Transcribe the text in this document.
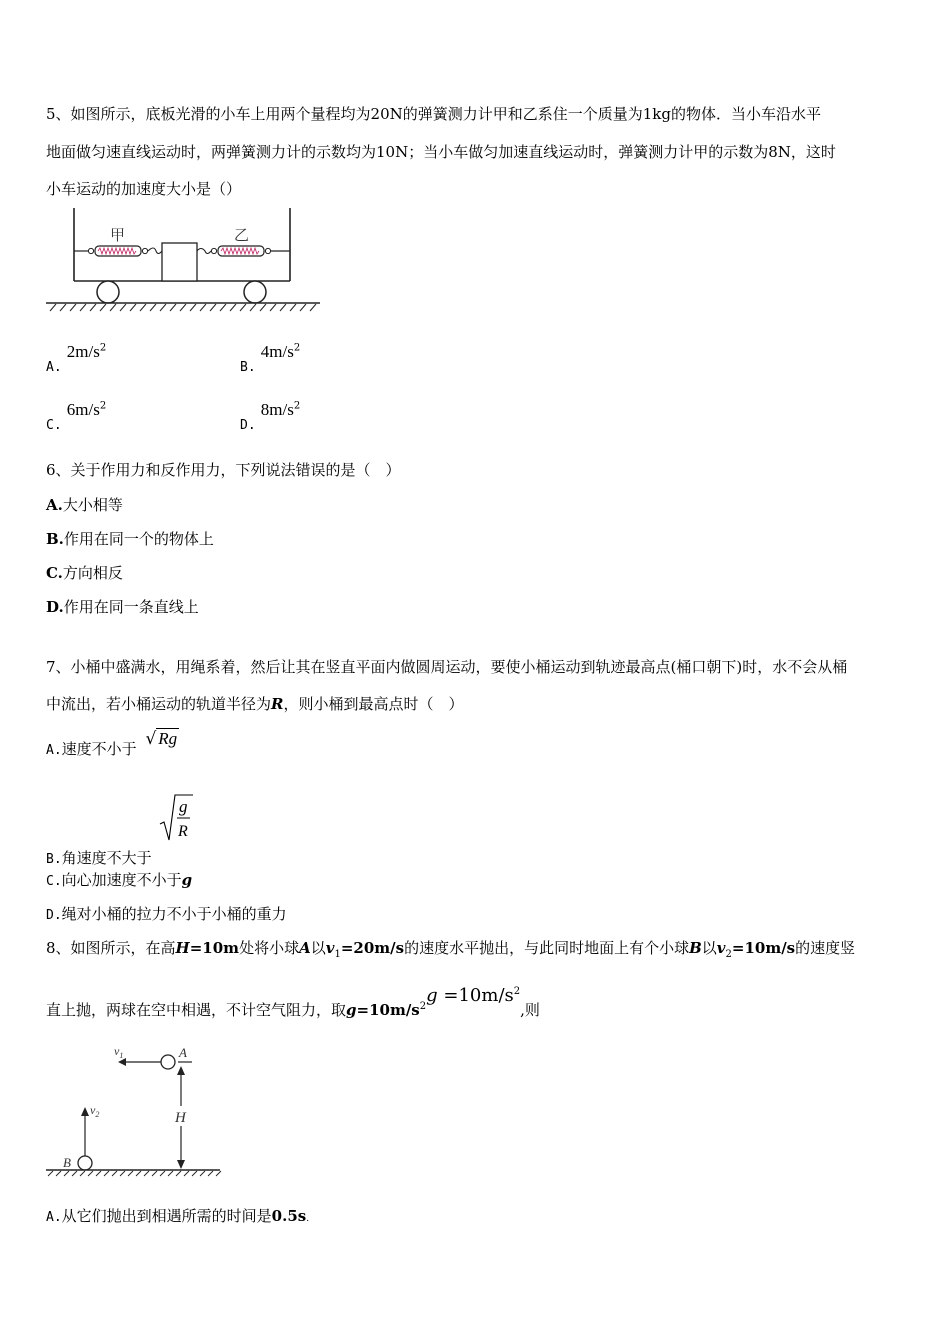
5、如图所示，底板光滑的小车上用两个量程均为20N的弹簧测力计甲和乙系住一个质量为1kg的物体．当小车沿水平
地面做匀速直线运动时，两弹簧测力计的示数均为10N；当小车做匀加速直线运动时，弹簧测力计甲的示数为8N，这时
小车运动的加速度大小是（）
甲	乙
$_{A.}$ $2m/s^2$
$_{B.}$ $4m/s^2$
$_{C.}$ $6m/s^2$
$_{D.}$ $8m/s^2$
6、关于作用力和反作用力，下列说法错误的是（　）
A.大小相等
B.作用在同一个的物体上
C.方向相反
D.作用在同一条直线上
7、小桶中盛满水，用绳系着，然后让其在竖直平面内做圆周运动，要使小桶运动到轨迹最高点(桶口朝下)时，水不会从桶
中流出，若小桶运动的轨道半径为R，则小桶到最高点时（　）
A.速度不小于 √ Rg
B.角速度不大于
g
R
C.向心加速度不小于g
D.绳对小桶的拉力不小于小桶的重力
8、如图所示，在高H=10m处将小球A以$v_1=20m/s$的速度水平抛出，与此同时地面上有个小球B以$v_2=10m/s$的速度竖
直上抛，两球在空中相遇，不计空气阻力，取$g=10m/s2g =10m/s^2$,则
$v_1$	A
H
$v_2$
B
A.从它们抛出到相遇所需的时间是0.5s.
